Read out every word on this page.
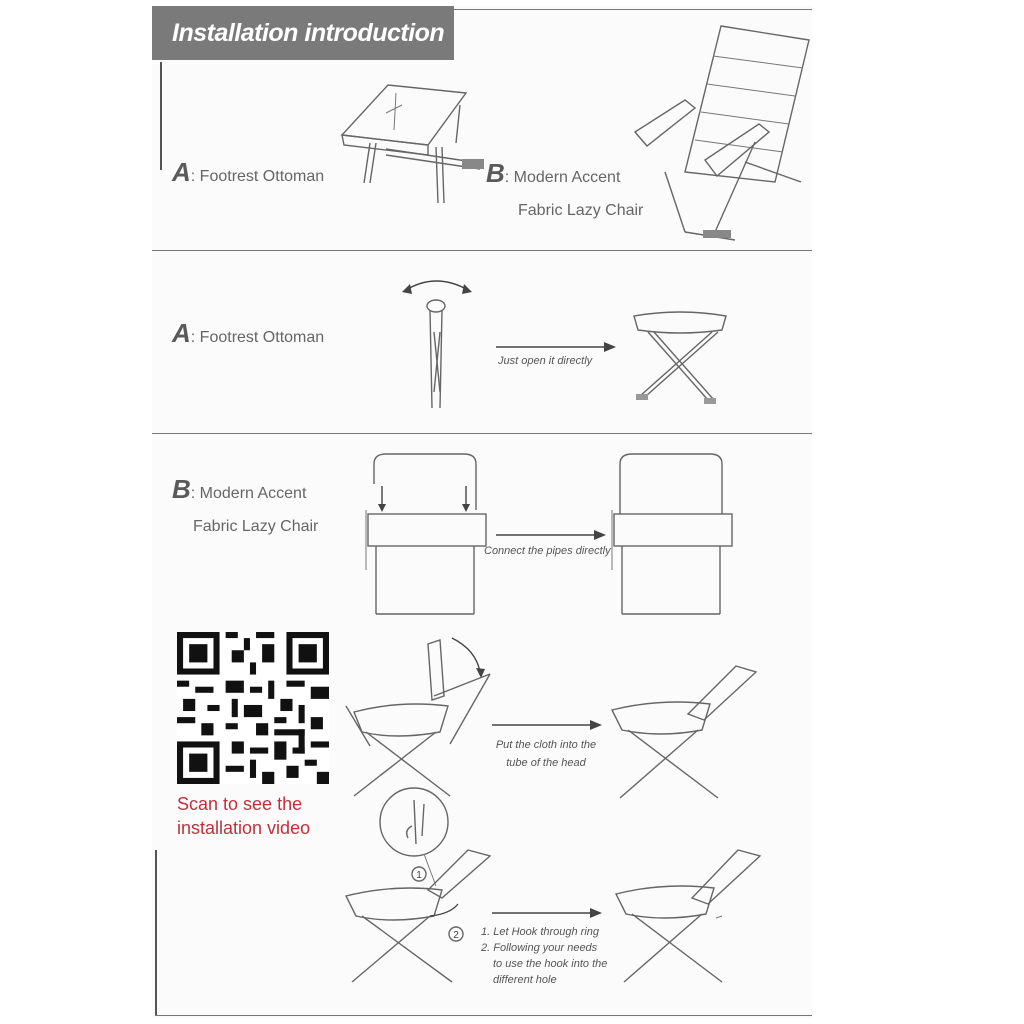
Installation introduction
A: Footrest Ottoman	B: Modern Accent
Fabric Lazy Chair
A: Footrest Ottoman
Just open it directly
B: Modern Accent
Fabric Lazy Chair
Connect the pipes directly
Scan to see the
installation video
Put the cloth into the
tube of the head
1
2 1. Let Hook through ring
2. Following your needs
to use the hook into the
different hole
